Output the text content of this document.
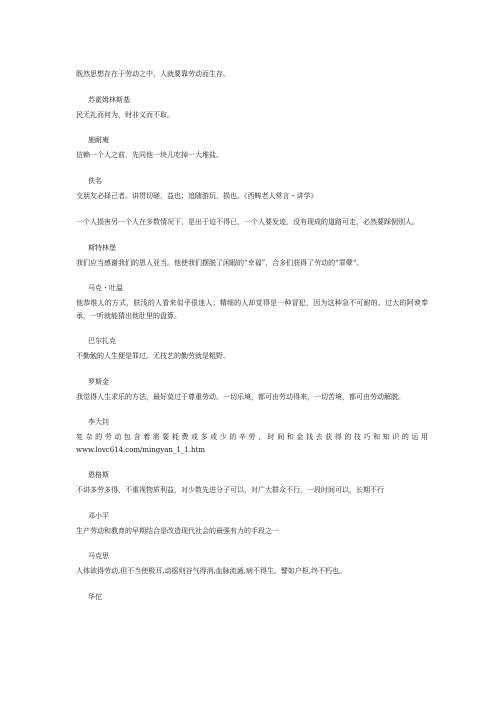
既然思想存在于劳动之中，人就要靠劳动而生存。

苏霍姆林斯基

民无礼而何为，财非义而不取。

施耐庵

信赖一个人之前，先同他一块儿吃掉一大堆盐。

佚名

交朋友必择己者。讲贯切磋，益也；追随游玩，损也。《西畴老人常言・讲学》

一个人损害另一个人在多数情况下，是出于迫不得已，一个人要发迹，没有现成的道路可走，必然要踩倒别人。

斯特林堡

我们应当感谢我们的恩人亚当。他使我们摆脱了闲暇的“幸福”，合多们获得了劳动的“罪孽“。

马克・吐温

他恭维人的方式，肤浅的人看来似乎很迷人；精细的人却觉得是一种冒犯，因为这种急不可耐的、过大的阿谀奉承，一听就能猜出他肚里的盘算。

巴尔扎克

不勤勉的人生便是罪过。无技艺的勤劳就是粗野。

罗斯金

我觉得人生求乐的方法，最好莫过于尊重劳动。一切乐境，都可由劳动得来，一切苦境，都可由劳动解脱。

李大钊

复杂的劳动包含着需要耗费或多或少的辛劳、时间和金钱去获得的技巧和知识的运用www.lovc614.com/mingyan_1_1.htm

恩格斯

不讲多劳多得，不重视物质利益，对少数先进分子可以，对广大群众不行，一段时间可以，长期不行

邓小平

生产劳动和教育的早期结合是改造现代社会的最强有力的手段之一

马克思

人体欲得劳动,但不当使极耳,动摇则谷气得消,血脉流通,病不得生。譬如户枢,终不朽也。

华佗
